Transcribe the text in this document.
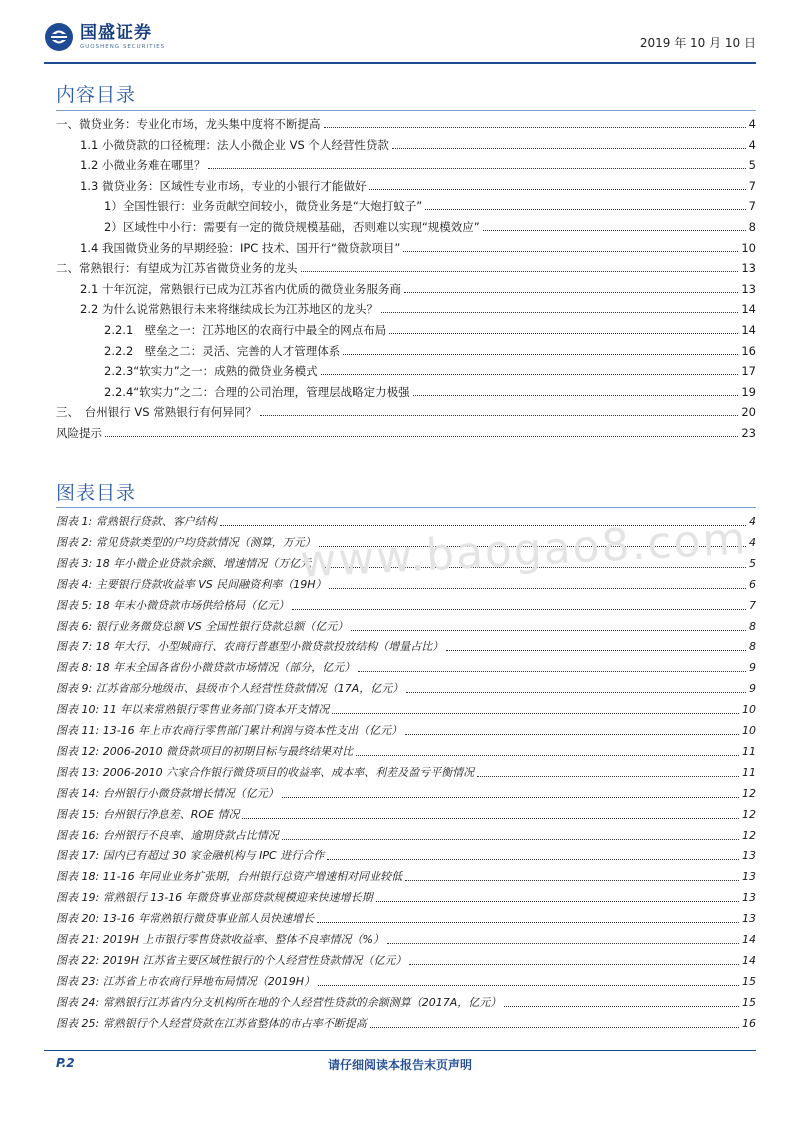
国盛证券
GUOSHENG SECURITIES	2019 年 10 月 10 日
内容目录
一、微贷业务：专业化市场，龙头集中度将不断提高	4
1.1 小微贷款的口径梳理：法人小微企业 VS 个人经营性贷款	4
1.2 小微业务难在哪里？	5
1.3 微贷业务：区域性专业市场，专业的小银行才能做好	7
1）全国性银行：业务贡献空间较小，微贷业务是“大炮打蚊子”	7
2）区域性中小行：需要有一定的微贷规模基础，否则难以实现“规模效应”	8
1.4 我国微贷业务的早期经验：IPC 技术、国开行“微贷款项目”	10
二、常熟银行：有望成为江苏省微贷业务的龙头	13
2.1 十年沉淀，常熟银行已成为江苏省内优质的微贷业务服务商	13
2.2 为什么说常熟银行未来将继续成长为江苏地区的龙头？	14
2.2.1　壁垒之一：江苏地区的农商行中最全的网点布局	14
2.2.2　壁垒之二：灵活、完善的人才管理体系	16
2.2.3“软实力”之一：成熟的微贷业务模式	17
2.2.4“软实力”之二：合理的公司治理，管理层战略定力极强	19
三、　台州银行 VS 常熟银行有何异同？	20
风险提示	23
图表目录
图表 1: 常熟银行贷款、客户结构	4
图表 2: 常见贷款类型的户均贷款情况（测算，万元）	4
图表 3: 18 年小微企业贷款余额、增速情况（万亿元）	5
图表 4: 主要银行贷款收益率 VS 民间融资利率（19H）	6
图表 5: 18 年末小微贷款市场供给格局（亿元）	7
图表 6: 银行业务微贷总额 VS 全国性银行贷款总额（亿元）	8
图表 7: 18 年大行、小型城商行、农商行普惠型小微贷款投放结构（增量占比）	8
图表 8: 18 年末全国各省份小微贷款市场情况（部分，亿元）	9
图表 9: 江苏省部分地级市、县级市个人经营性贷款情况（17A，亿元）	9
图表 10: 11 年以来常熟银行零售业务部门资本开支情况	10
图表 11: 13-16 年上市农商行零售部门累计利润与资本性支出（亿元）	10
图表 12: 2006-2010 微贷款项目的初期目标与最终结果对比	11
图表 13: 2006-2010 六家合作银行微贷项目的收益率、成本率、利差及盈亏平衡情况	11
图表 14: 台州银行小微贷款增长情况（亿元）	12
图表 15: 台州银行净息差、ROE 情况	12
图表 16: 台州银行不良率、逾期贷款占比情况	12
图表 17: 国内已有超过 30 家金融机构与 IPC 进行合作	13
图表 18: 11-16 年同业业务扩张期，台州银行总资产增速相对同业较低	13
图表 19: 常熟银行 13-16 年微贷事业部贷款规模迎来快速增长期	13
图表 20: 13-16 年常熟银行微贷事业部人员快速增长	13
图表 21: 2019H 上市银行零售贷款收益率、整体不良率情况（%）	14
图表 22: 2019H 江苏省主要区域性银行的个人经营性贷款情况（亿元）	14
图表 23: 江苏省上市农商行异地布局情况（2019H）	15
图表 24: 常熟银行江苏省内分支机构所在地的个人经营性贷款的余额测算（2017A，亿元）	15
图表 25: 常熟银行个人经营贷款在江苏省整体的市占率不断提高	16
www.baogao8.com
P.2	请仔细阅读本报告末页声明
